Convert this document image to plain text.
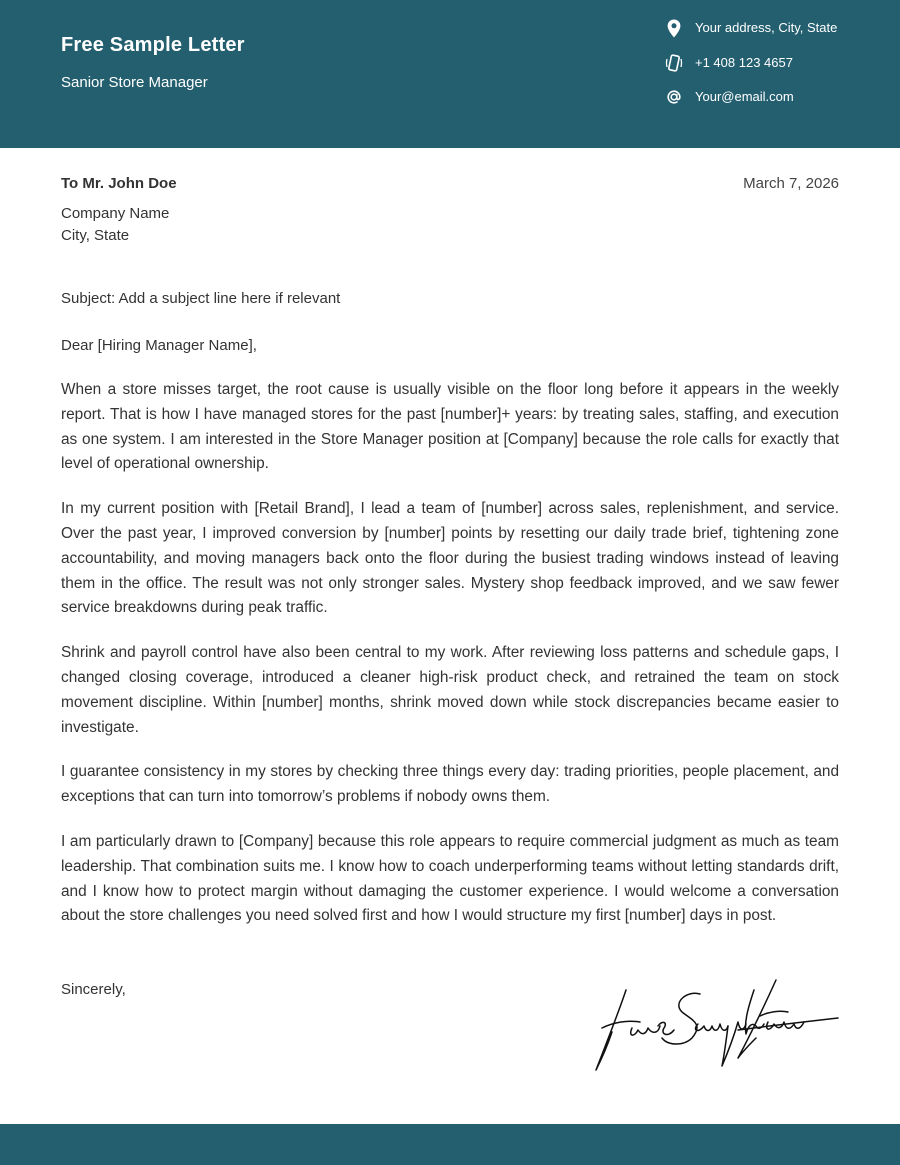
Free Sample Letter
Sanior Store Manager
Your address, City, State
+1 408 123 4657
Your@email.com
To Mr. John Doe	March 7, 2026
Company Name
City, State
Subject: Add a subject line here if relevant
Dear [Hiring Manager Name],

When a store misses target, the root cause is usually visible on the floor long before it appears in the weekly report. That is how I have managed stores for the past [number]+ years: by treating sales, staffing, and execution as one system. I am interested in the Store Manager position at [Company] because the role calls for exactly that level of operational ownership.

In my current position with [Retail Brand], I lead a team of [number] across sales, replenishment, and service. Over the past year, I improved conversion by [number] points by resetting our daily trade brief, tightening zone accountability, and moving managers back onto the floor during the busiest trading windows instead of leaving them in the office. The result was not only stronger sales. Mystery shop feedback improved, and we saw fewer service breakdowns during peak traffic.

Shrink and payroll control have also been central to my work. After reviewing loss patterns and schedule gaps, I changed closing coverage, introduced a cleaner high-risk product check, and retrained the team on stock movement discipline. Within [number] months, shrink moved down while stock discrepancies became easier to investigate.

I guarantee consistency in my stores by checking three things every day: trading priorities, people placement, and exceptions that can turn into tomorrow’s problems if nobody owns them.

I am particularly drawn to [Company] because this role appears to require commercial judgment as much as team leadership. That combination suits me. I know how to coach underperforming teams without letting standards drift, and I know how to protect margin without damaging the customer experience. I would welcome a conversation about the store challenges you need solved first and how I would structure my first [number] days in post.

Sincerely,
